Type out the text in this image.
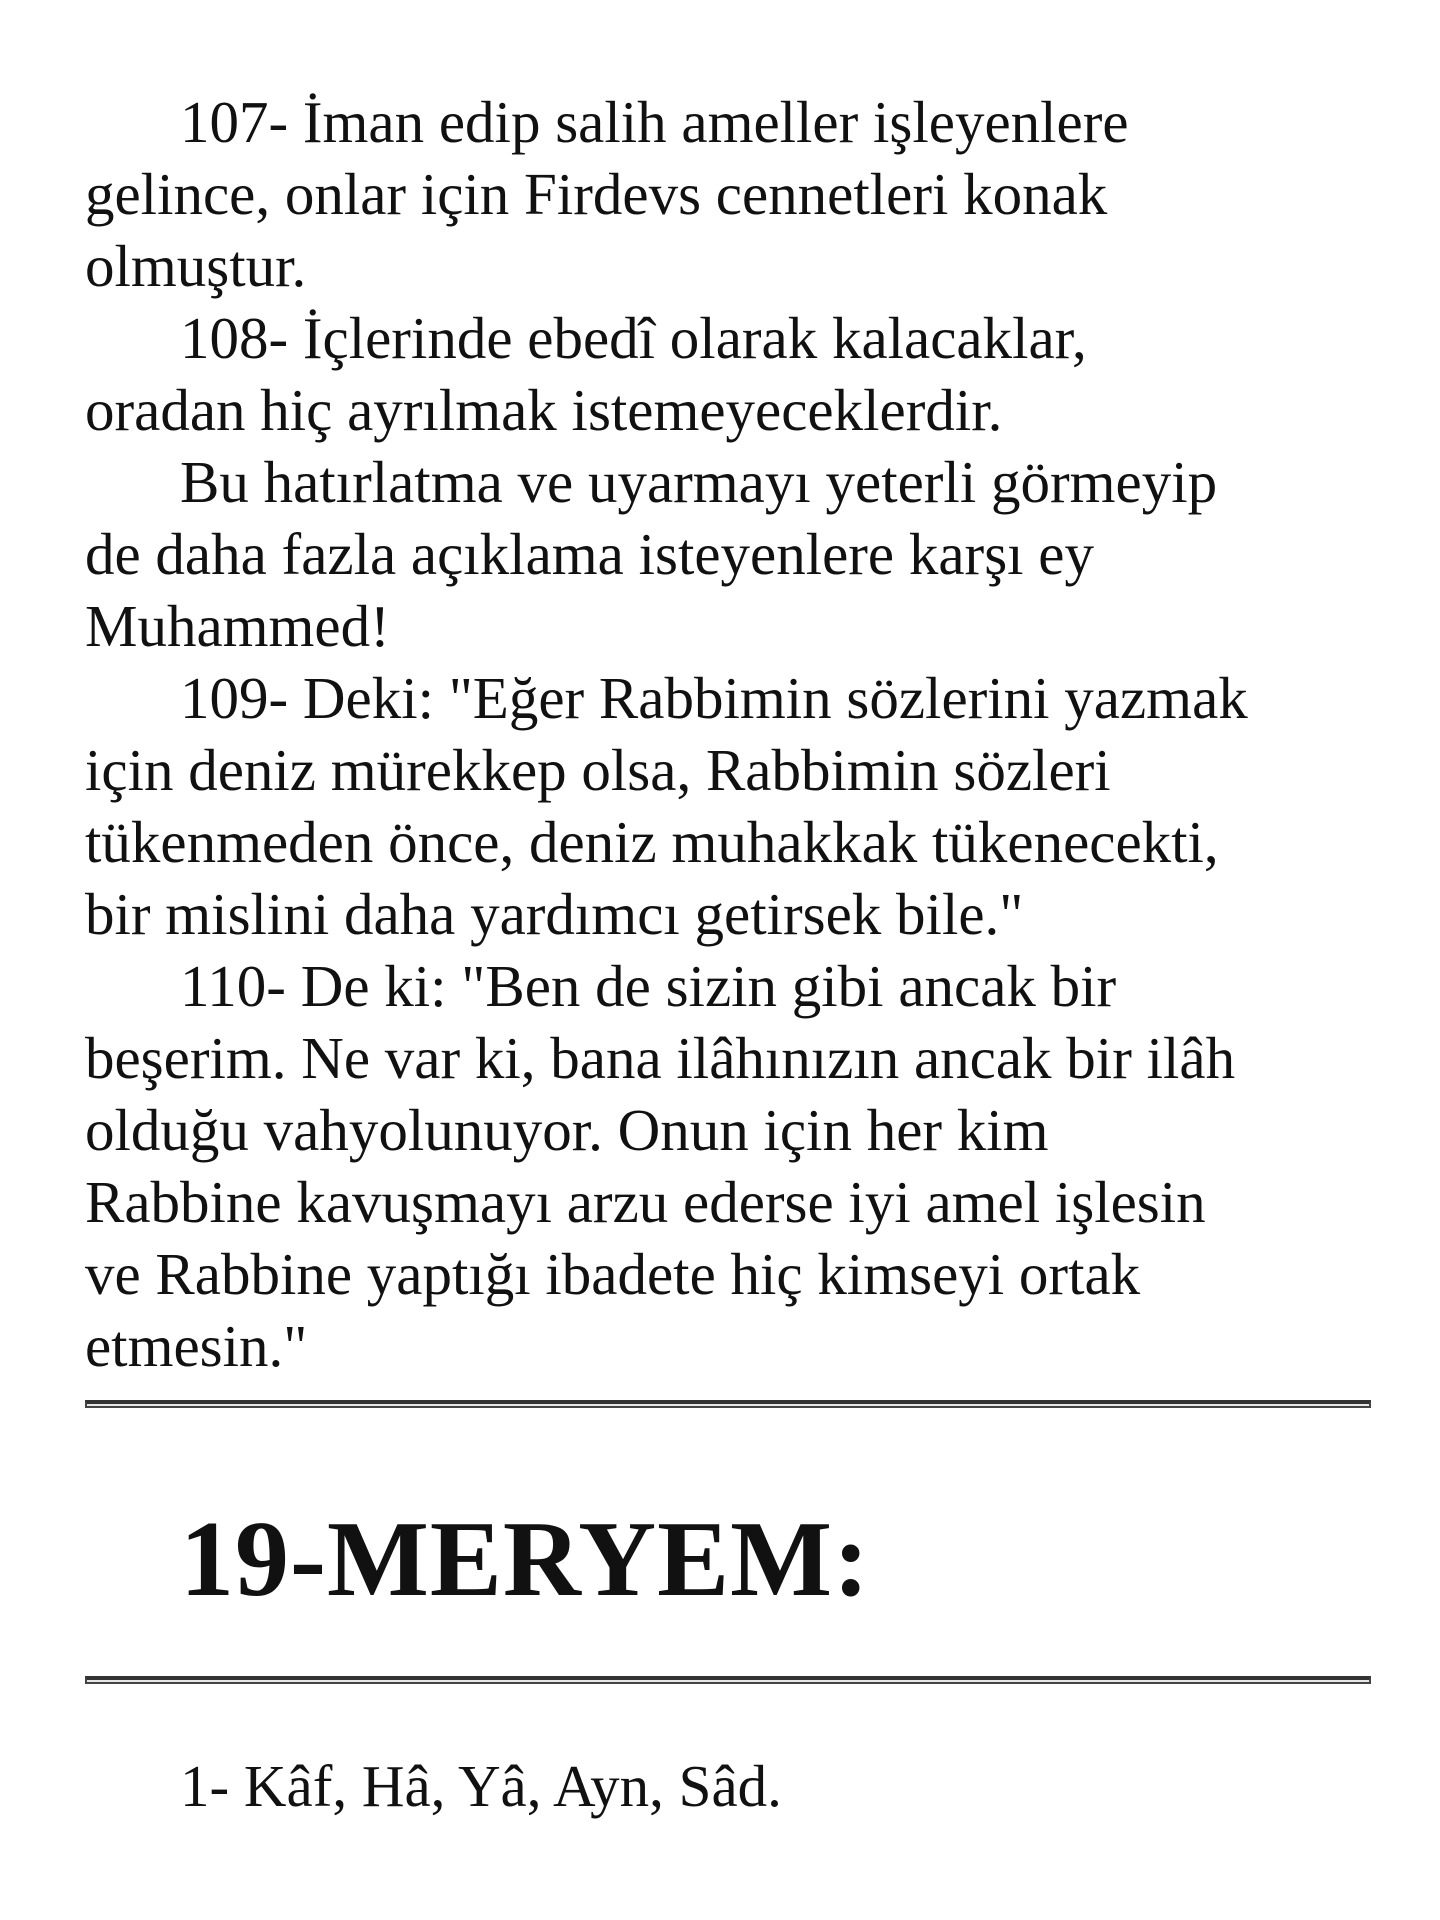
107- İman edip salih ameller işleyenlere
gelince, onlar için Firdevs cennetleri konak
olmuştur.

108- İçlerinde ebedî olarak kalacaklar,
oradan hiç ayrılmak istemeyeceklerdir.

Bu hatırlatma ve uyarmayı yeterli görmeyip
de daha fazla açıklama isteyenlere karşı ey
Muhammed!

109- Deki: "Eğer Rabbimin sözlerini yazmak
için deniz mürekkep olsa, Rabbimin sözleri
tükenmeden önce, deniz muhakkak tükenecekti,
bir mislini daha yardımcı getirsek bile."

110- De ki: "Ben de sizin gibi ancak bir
beşerim. Ne var ki, bana ilâhınızın ancak bir ilâh
olduğu vahyolunuyor. Onun için her kim
Rabbine kavuşmayı arzu ederse iyi amel işlesin
ve Rabbine yaptığı ibadete hiç kimseyi ortak
etmesin."

19-MERYEM:

1- Kâf, Hâ, Yâ, Ayn, Sâd.
